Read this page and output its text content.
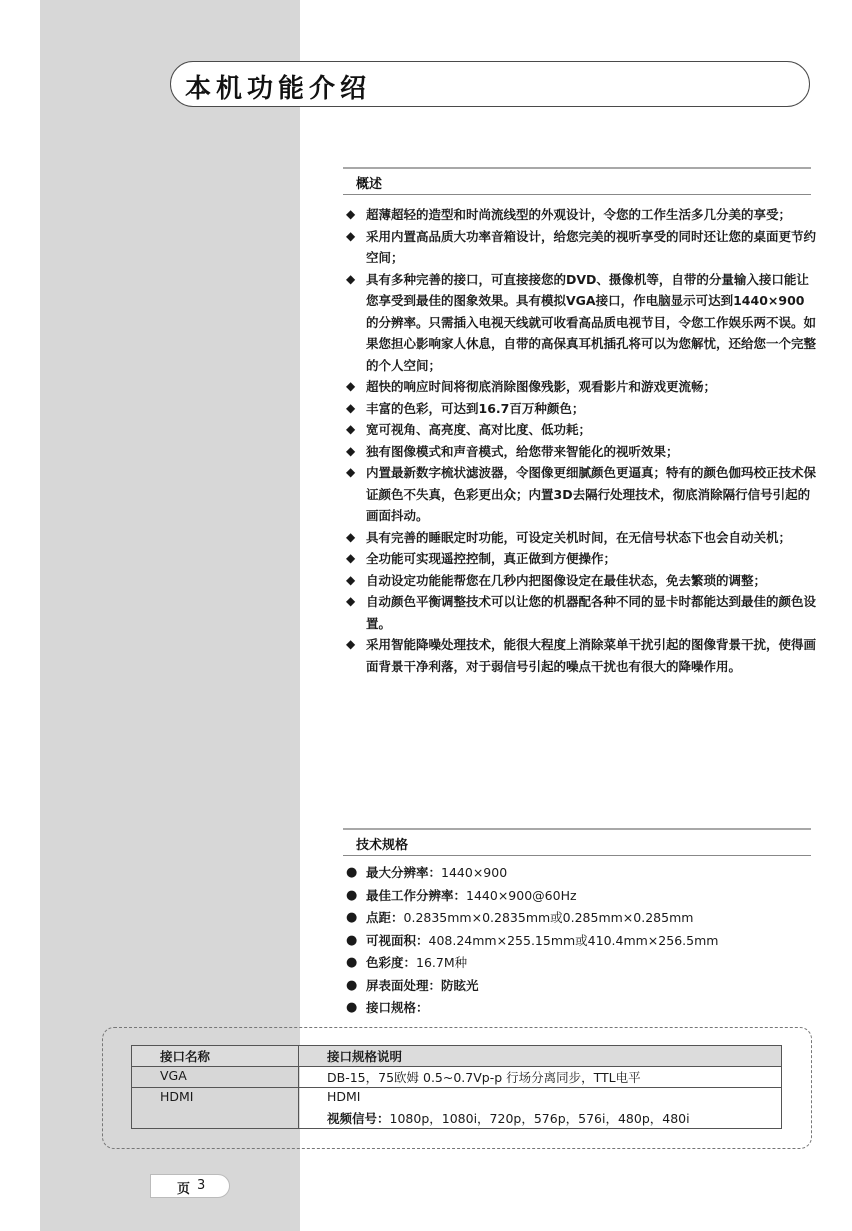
本机功能介绍
概述
◆ 超薄超轻的造型和时尚流线型的外观设计，令您的工作生活多几分美的享受；
◆ 采用内置高品质大功率音箱设计，给您完美的视听享受的同时还让您的桌面更节约空间；
◆ 具有多种完善的接口，可直接接您的DVD、摄像机等，自带的分量输入接口能让您享受到最佳的图象效果。具有模拟VGA接口，作电脑显示可达到1440×900的分辨率。只需插入电视天线就可收看高品质电视节目，令您工作娱乐两不误。如果您担心影响家人休息，自带的高保真耳机插孔将可以为您解忧，还给您一个完整的个人空间；
◆ 超快的响应时间将彻底消除图像残影，观看影片和游戏更流畅；
◆ 丰富的色彩，可达到16.7百万种颜色；
◆ 宽可视角、高亮度、高对比度、低功耗；
◆ 独有图像模式和声音模式，给您带来智能化的视听效果；
◆ 内置最新数字梳状滤波器，令图像更细腻颜色更逼真；特有的颜色伽玛校正技术保证颜色不失真，色彩更出众；内置3D去隔行处理技术，彻底消除隔行信号引起的画面抖动。
◆ 具有完善的睡眠定时功能，可设定关机时间，在无信号状态下也会自动关机；
◆ 全功能可实现遥控控制，真正做到方便操作；
◆ 自动设定功能能帮您在几秒内把图像设定在最佳状态，免去繁琐的调整；
◆ 自动颜色平衡调整技术可以让您的机器配各种不同的显卡时都能达到最佳的颜色设置。
◆ 采用智能降噪处理技术，能很大程度上消除菜单干扰引起的图像背景干扰，使得画面背景干净利落，对于弱信号引起的噪点干扰也有很大的降噪作用。
技术规格
● 最大分辨率：1440×900
● 最佳工作分辨率：1440×900@60Hz
● 点距：0.2835mm×0.2835mm或0.285mm×0.285mm
● 可视面积：408.24mm×255.15mm或410.4mm×256.5mm
● 色彩度：16.7M种
● 屏表面处理：防眩光
● 接口规格：
接口名称	接口规格说明
VGA	DB-15，75欧姆 0.5~0.7Vp-p 行场分离同步，TTL电平
HDMI	HDMI
	视频信号：1080p，1080i，720p，576p，576i，480p，480i
页 3
